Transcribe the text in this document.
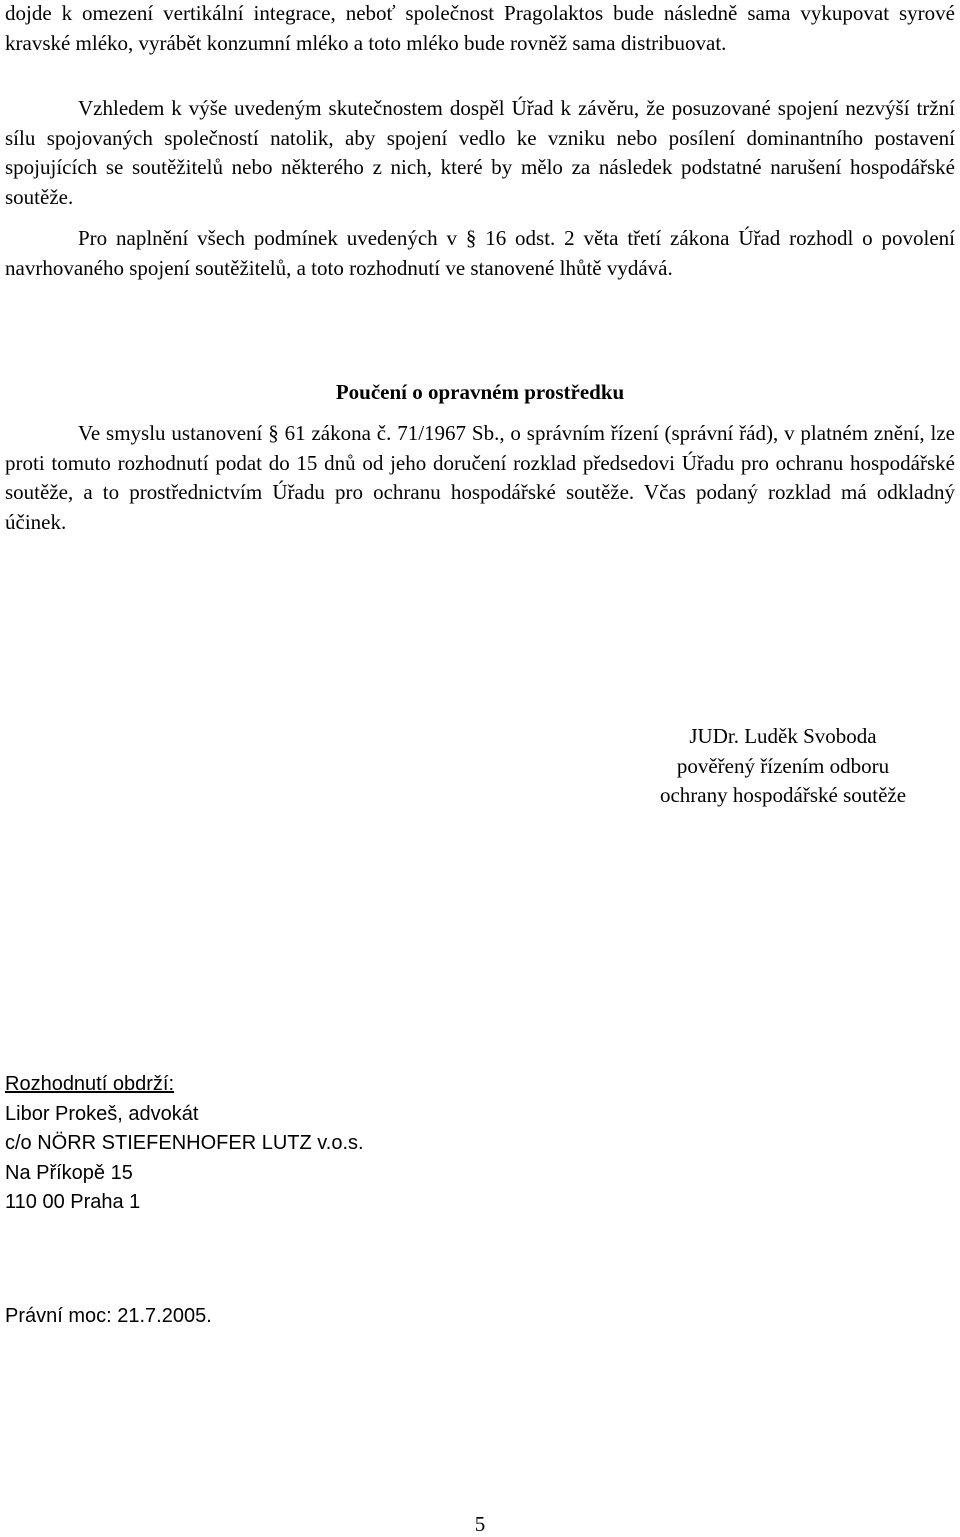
dojde k omezení vertikální integrace, neboť společnost Pragolaktos bude následně sama vykupovat syrové kravské mléko, vyrábět konzumní mléko a toto mléko bude rovněž sama distribuovat.

Vzhledem k výše uvedeným skutečnostem dospěl Úřad k závěru, že posuzované spojení nezvýší tržní sílu spojovaných společností natolik, aby spojení vedlo ke vzniku nebo posílení dominantního postavení spojujících se soutěžitelů nebo některého z nich, které by mělo za následek podstatné narušení hospodářské soutěže.

Pro naplnění všech podmínek uvedených v § 16 odst. 2 věta třetí zákona Úřad rozhodl o povolení navrhovaného spojení soutěžitelů, a toto rozhodnutí ve stanovené lhůtě vydává.

Poučení o opravném prostředku

Ve smyslu ustanovení § 61 zákona č. 71/1967 Sb., o správním řízení (správní řád), v platném znění, lze proti tomuto rozhodnutí podat do 15 dnů od jeho doručení rozklad předsedovi Úřadu pro ochranu hospodářské soutěže, a to prostřednictvím Úřadu pro ochranu hospodářské soutěže. Včas podaný rozklad má odkladný účinek.

JUDr. Luděk Svoboda
pověřený řízením odboru
ochrany hospodářské soutěže
Rozhodnutí obdrží:
Libor Prokeš, advokát
c/o NÖRR STIEFENHOFER LUTZ v.o.s.
Na Příkopě 15
110 00 Praha 1
Právní moc: 21.7.2005.
5
